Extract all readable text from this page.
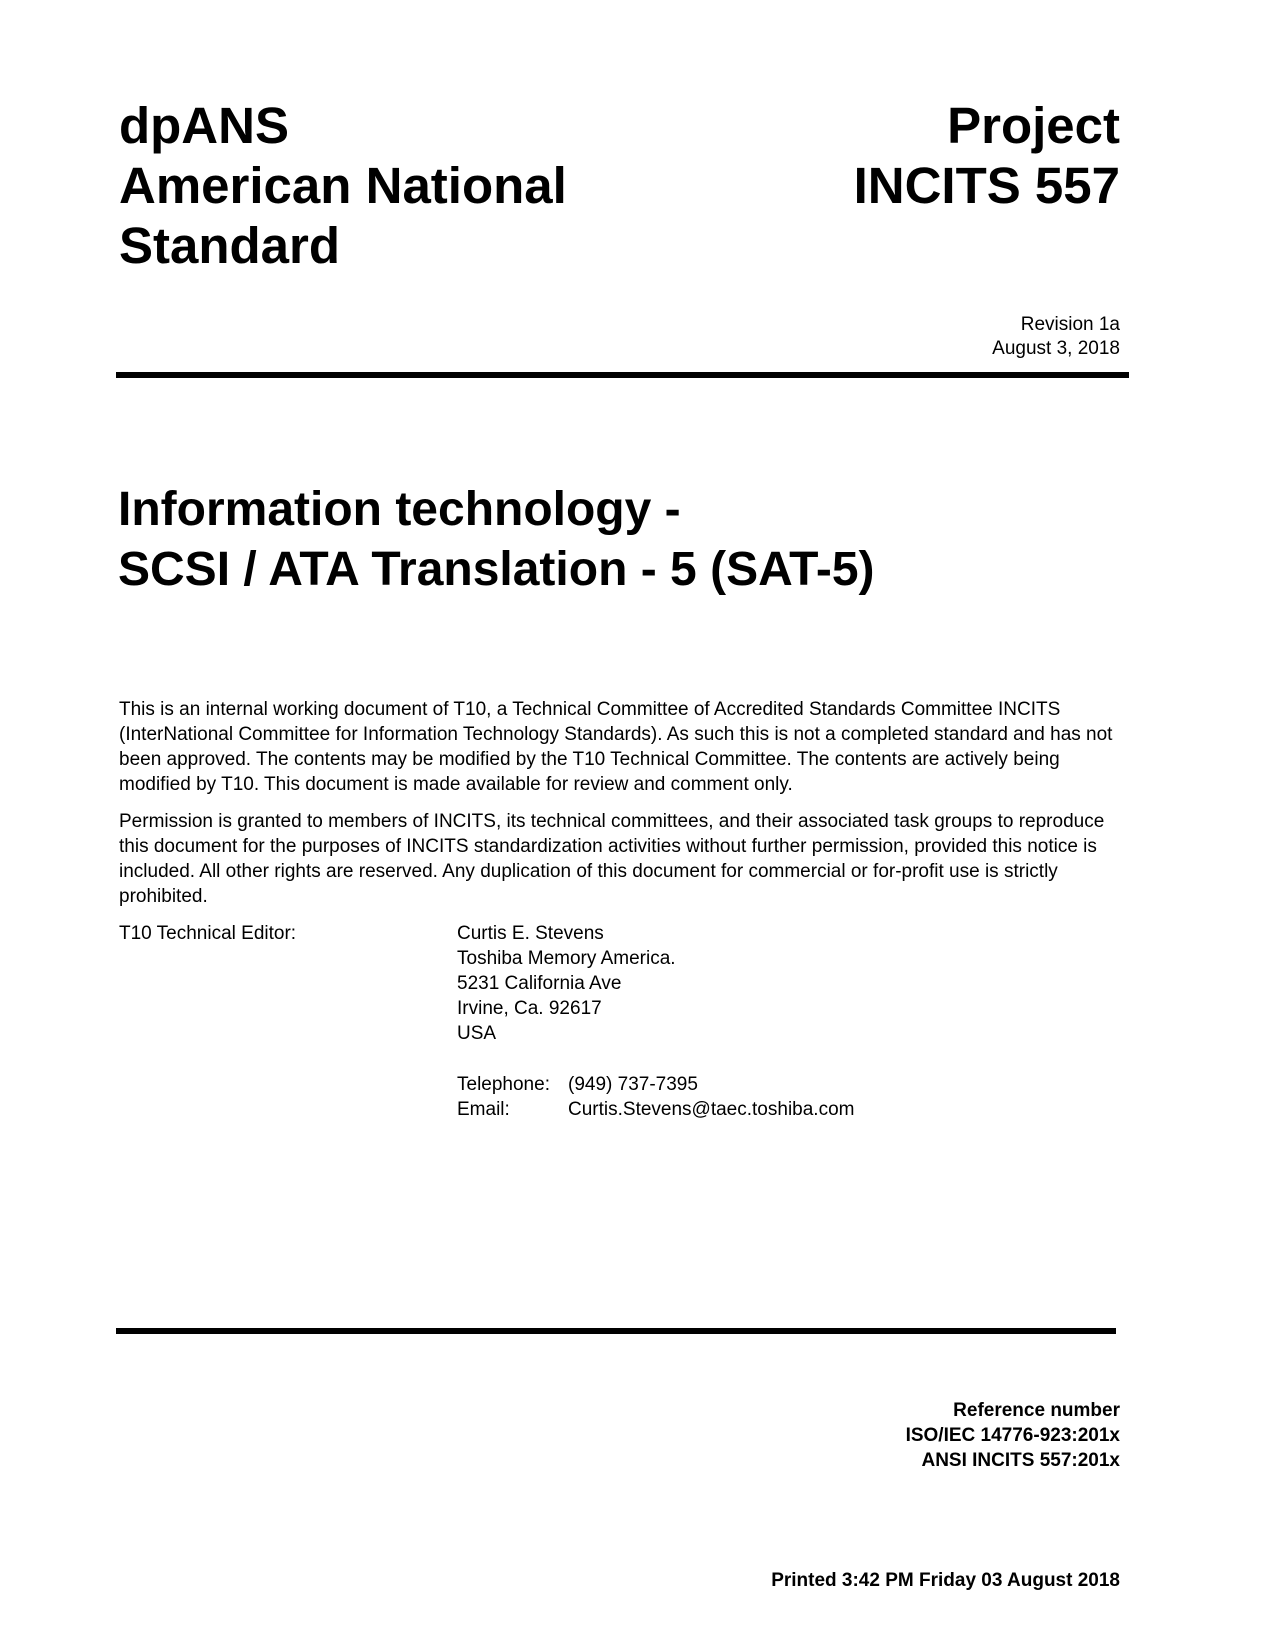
dpANS
American National
Standard
Project
INCITS 557
Revision 1a
August 3, 2018
Information technology -
SCSI / ATA Translation - 5 (SAT-5)

This is an internal working document of T10, a Technical Committee of Accredited Standards Committee INCITS (InterNational Committee for Information Technology Standards). As such this is not a completed standard and has not been approved. The contents may be modified by the T10 Technical Committee. The contents are actively being modified by T10. This document is made available for review and comment only.

Permission is granted to members of INCITS, its technical committees, and their associated task groups to reproduce this document for the purposes of INCITS standardization activities without further permission, provided this notice is included. All other rights are reserved. Any duplication of this document for commercial or for-profit use is strictly prohibited.

T10 Technical Editor:	Curtis E. Stevens
Toshiba Memory America.
5231 California Ave
Irvine, Ca. 92617
USA
Telephone: (949) 737-7395
Email:	Curtis.Stevens@taec.toshiba.com
Reference number
ISO/IEC 14776-923:201x
ANSI INCITS 557:201x
Printed 3:42 PM Friday 03 August 2018
